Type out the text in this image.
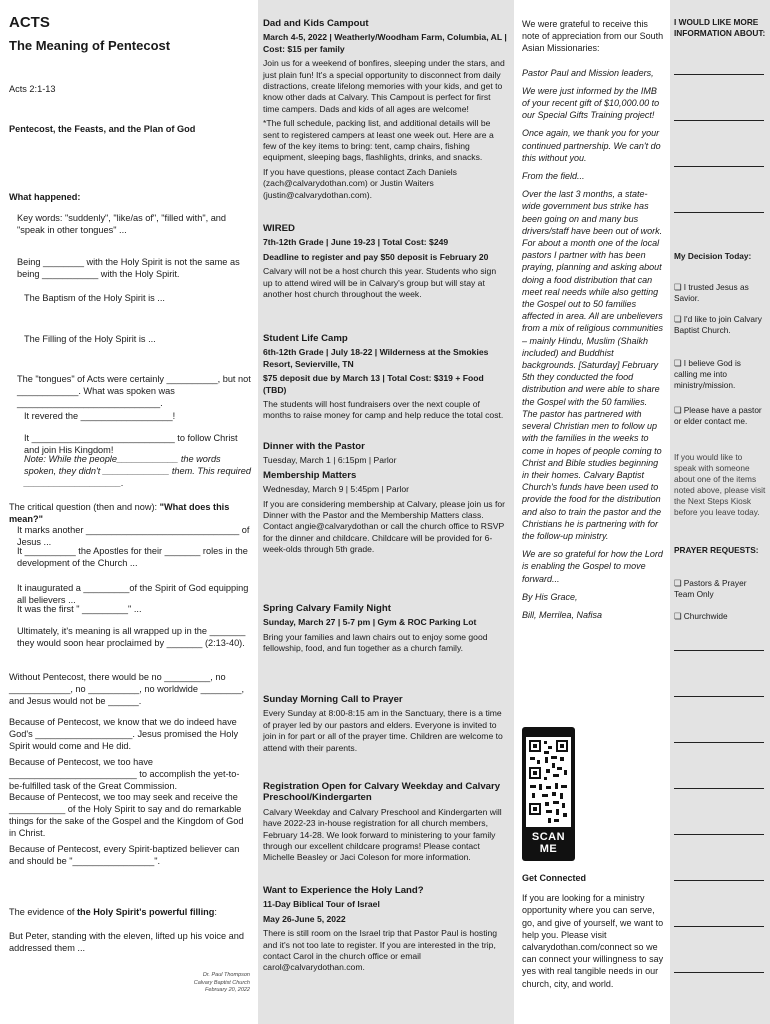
ACTS
The Meaning of Pentecost
Acts 2:1-13
Pentecost, the Feasts, and the Plan of God
What happened:
Key words: "suddenly", "like/as of", "filled with", and "speak in other tongues" ...
Being ________ with the Holy Spirit is not the same as being ___________ with the Holy Spirit.
The Baptism of the Holy Spirit is ...
The Filling of the Holy Spirit is ...
The "tongues" of Acts were certainly __________, but not ____________. What was spoken was ____________________________.
It revered the __________________!
It ____________________________ to follow Christ and join His Kingdom!
Note: While the people____________ the words spoken, they didn't _____________ them. This required ___________________.
The critical question (then and now): "What does this mean?"
It marks another ______________________________ of Jesus ...
It __________ the Apostles for their _______ roles in the development of the Church ...
It inaugurated a _________of the Spirit of God equipping all believers ...
It was the first " _________" ...
Ultimately, it's meaning is all wrapped up in the _______ they would soon hear proclaimed by _______ (2:13-40).
Without Pentecost, there would be no _________, no ____________, no __________, no worldwide ________, and Jesus would not be ______.
Because of Pentecost, we know that we do indeed have God's ___________________. Jesus promised the Holy Spirit would come and He did.
Because of Pentecost, we too have _________________________ to accomplish the yet-to-be-fulfilled task of the Great Commission.
Because of Pentecost, we too may seek and receive the ___________ of the Holy Spirit to say and do remarkable things for the sake of the Gospel and the Kingdom of God in Christ.
Because of Pentecost, every Spirit-baptized believer can and should be "________________".
The evidence of the Holy Spirit's powerful filling:
But Peter, standing with the eleven, lifted up his voice and addressed them ...
Dr. Paul Thompson
Calvary Baptist Church
February 20, 2022

Dad and Kids Campout

March 4-5, 2022 | Weatherly/Woodham Farm, Columbia, AL | Cost: $15 per family

Join us for a weekend of bonfires, sleeping under the stars, and just plain fun! It's a special opportunity to disconnect from daily distractions, create lifelong memories with your kids, and get to know other dads at Calvary. This Campout is perfect for first time campers. Dads and kids of all ages are welcome!

*The full schedule, packing list, and additional details will be sent to registered campers at least one week out. Here are a few of the key items to bring: tent, camp chairs, fishing equipment, sleeping bags, flashlights, drinks, and snacks.

If you have questions, please contact Zach Daniels (zach@calvarydothan.com) or Justin Waiters (justin@calvarydothan.com).

WIRED

7th-12th Grade | June 19-23 | Total Cost: $249

Deadline to register and pay $50 deposit is February 20

Calvary will not be a host church this year. Students who sign up to attend wired will be in Calvary's group but will stay at another host church throughout the week.

Student Life Camp

6th-12th Grade | July 18-22 | Wilderness at the Smokies Resort, Sevierville, TN

$75 deposit due by March 13 | Total Cost: $319 + Food (TBD)

The students will host fundraisers over the next couple of months to raise money for camp and help reduce the total cost.

Dinner with the Pastor

Tuesday, March 1 | 6:15pm | Parlor

Membership Matters

Wednesday, March 9 | 5:45pm | Parlor

If you are considering membership at Calvary, please join us for Dinner with the Pastor and the Membership Matters class. Contact angie@calvarydothan or call the church office to RSVP for the dinner and childcare. Childcare will be provided for 6-week-olds through 5th grade.

Spring Calvary Family Night

Sunday, March 27 | 5-7 pm | Gym & ROC Parking Lot

Bring your families and lawn chairs out to enjoy some good fellowship, food, and fun together as a church family.

Sunday Morning Call to Prayer

Every Sunday at 8:00-8:15 am in the Sanctuary, there is a time of prayer led by our pastors and elders. Everyone is invited to join in for part or all of the prayer time. Children are welcome to attend with their parents.

Registration Open for Calvary Weekday and Calvary Preschool/Kindergarten

Calvary Weekday and Calvary Preschool and Kindergarten will have 2022-23 in-house registration for all church members, February 14-28. We look forward to ministering to your family through our excellent childcare programs! Please contact Michelle Beasley or Jaci Coleson for more information.

Want to Experience the Holy Land?

11-Day Biblical Tour of Israel

May 26-June 5, 2022

There is still room on the Israel trip that Pastor Paul is hosting and it's not too late to register. If you are interested in the trip, contact Carol in the church office or email carol@calvarydothan.com.

We were grateful to receive this note of appreciation from our South Asian Missionaries:

Pastor Paul and Mission leaders,

We were just informed by the IMB of your recent gift of $10,000.00 to our Special Gifts Training project!

Once again, we thank you for your continued partnership. We can't do this without you.

From the field...

Over the last 3 months, a state-wide government bus strike has been going on and many bus drivers/staff have been out of work. For about a month one of the local pastors I partner with has been praying, planning and asking about doing a food distribution that can meet real needs while also getting the Gospel out to 50 families affected in area. All are unbelievers from a mix of religious communities – mainly Hindu, Muslim (Shaikh included) and Buddhist backgrounds. [Saturday] February 5th they conducted the food distribution and were able to share the Gospel with the 50 families. The pastor has partnered with several Christian men to follow up with the families in the weeks to come in hopes of people coming to Christ and Bible studies beginning in their homes. Calvary Baptist Church's funds have been used to provide the food for the distribution and also to train the pastor and the Christians he is partnering with for the follow-up ministry.

We are so grateful for how the Lord is enabling the Gospel to move forward...

By His Grace,

Bill, Merrilea, Nafisa

Get Connected

If you are looking for a ministry opportunity where you can serve, go, and give of yourself, we want to help you. Please visit calvarydothan.com/connect so we can connect your willingness to say yes with real tangible needs in our church, city, and world.

SCAN ME
I WOULD LIKE MORE INFORMATION ABOUT:
My Decision Today:
❏ I trusted Jesus as Savior.
❏ I'd like to join Calvary Baptist Church.
❏ I believe God is calling me into ministry/mission.
❏ Please have a pastor or elder contact me.
If you would like to speak with someone about one of the items noted above, please visit the Next Steps Kiosk before you leave today.
PRAYER REQUESTS:
❏ Pastors & Prayer Team Only
❏ Churchwide
